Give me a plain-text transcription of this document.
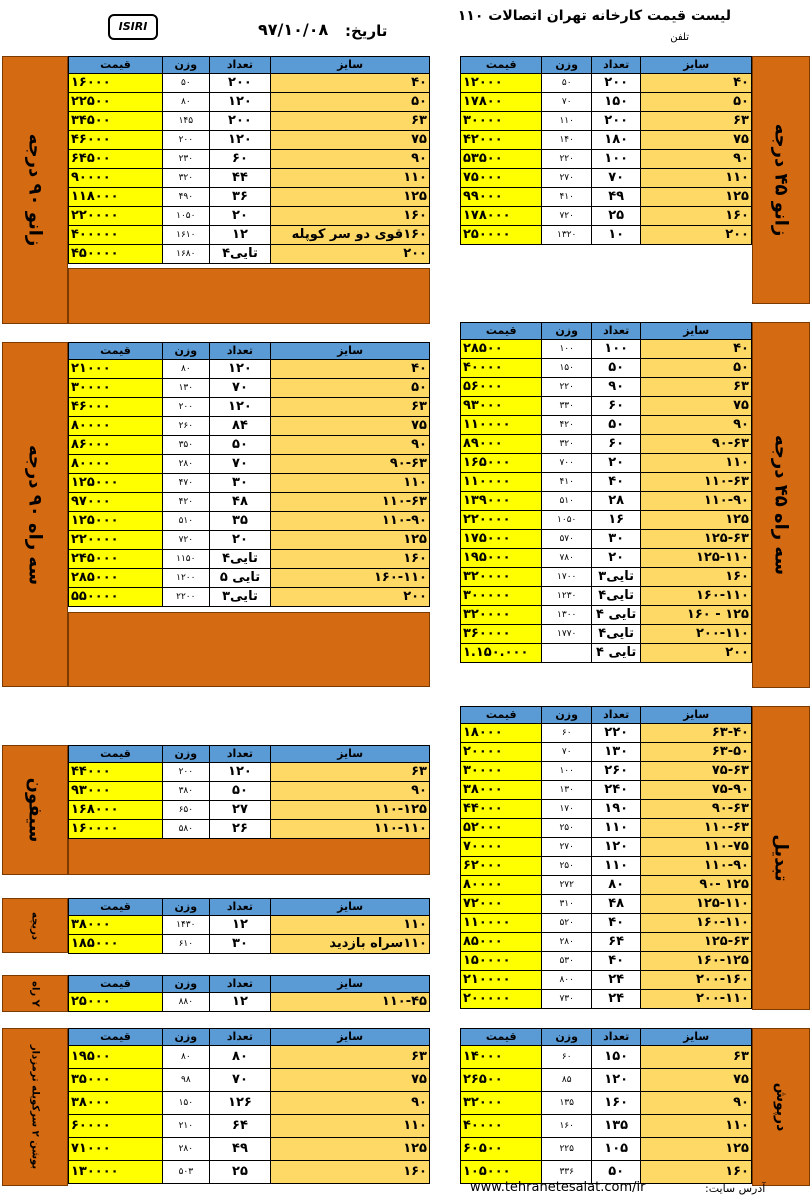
لیست قیمت کارخانه تهران اتصالات ۱۱۰
تلفن
ISIRI	تاریخ:
۹۷/۱۰/۰۸
زانو ۴۵ درجه
زانو ۹۰ درجه
سه راه ۹۰ درجه
سه راه ۴۵ درجه
تبدیل
سیفون
دریچه
Y راه
بوشن ۲ سرکوپله ترمزدار
درپوش
قیمت	وزن	تعداد	سایز
۱۲۰۰۰	۵۰	۲۰۰	۴۰
۱۷۸۰۰	۷۰	۱۵۰	۵۰
۳۰۰۰۰	۱۱۰	۲۰۰	۶۳
۴۲۰۰۰	۱۴۰	۱۸۰	۷۵
۵۳۵۰۰	۲۲۰	۱۰۰	۹۰
۷۵۰۰۰	۲۷۰	۷۰	۱۱۰
۹۹۰۰۰	۴۱۰	۴۹	۱۲۵
۱۷۸۰۰۰	۷۲۰	۲۵	۱۶۰
۲۵۰۰۰۰	۱۳۲۰	۱۰	۲۰۰
قیمت	وزن	تعداد	سایز
۱۶۰۰۰	۵۰	۲۰۰	۴۰
۲۲۵۰۰	۸۰	۱۲۰	۵۰
۳۴۵۰۰	۱۴۵	۲۰۰	۶۳
۴۶۰۰۰	۲۰۰	۱۲۰	۷۵
۶۴۵۰۰	۲۳۰	۶۰	۹۰
۹۰۰۰۰	۳۲۰	۴۴	۱۱۰
۱۱۸۰۰۰	۴۹۰	۳۶	۱۲۵
۲۲۰۰۰۰	۱۰۵۰	۲۰	۱۶۰
۴۰۰۰۰۰	۱۶۱۰	۱۲	۱۶۰قوی دو سر کوپله
۴۵۰۰۰۰	۱۶۸۰	۴تایی	۲۰۰
قیمت	وزن	تعداد	سایز
۲۱۰۰۰	۸۰	۱۲۰	۴۰
۳۰۰۰۰	۱۳۰	۷۰	۵۰
۴۶۰۰۰	۲۰۰	۱۲۰	۶۳
۸۰۰۰۰	۲۶۰	۸۴	۷۵
۸۶۰۰۰	۳۵۰	۵۰	۹۰
۸۰۰۰۰	۲۸۰	۷۰	۹۰-۶۳
۱۲۵۰۰۰	۴۷۰	۳۰	۱۱۰
۹۷۰۰۰	۴۲۰	۴۸	۱۱۰-۶۳
۱۲۵۰۰۰	۵۱۰	۳۵	۱۱۰-۹۰
۲۲۰۰۰۰	۷۲۰	۲۰	۱۲۵
۲۴۵۰۰۰	۱۱۵۰	۴تایی	۱۶۰
۲۸۵۰۰۰	۱۲۰۰	۵ تایی	۱۶۰-۱۱۰
۵۵۰۰۰۰	۲۲۰۰	۳تایی	۲۰۰
قیمت	وزن	تعداد	سایز
۲۸۵۰۰	۱۰۰	۱۰۰	۴۰
۴۰۰۰۰	۱۵۰	۵۰	۵۰
۵۶۰۰۰	۲۲۰	۹۰	۶۳
۹۳۰۰۰	۳۳۰	۶۰	۷۵
۱۱۰۰۰۰	۴۲۰	۵۰	۹۰
۸۹۰۰۰	۳۲۰	۶۰	۹۰-۶۳
۱۶۵۰۰۰	۷۰۰	۲۰	۱۱۰
۱۱۰۰۰۰	۴۱۰	۴۰	۱۱۰-۶۳
۱۳۹۰۰۰	۵۱۰	۲۸	۱۱۰-۹۰
۲۲۰۰۰۰	۱۰۵۰	۱۶	۱۲۵
۱۷۵۰۰۰	۵۷۰	۳۰	۱۲۵-۶۳
۱۹۵۰۰۰	۷۸۰	۲۰	۱۲۵-۱۱۰
۳۲۰۰۰۰	۱۷۰۰	۳تایی	۱۶۰
۳۰۰۰۰۰	۱۲۳۰	۴تایی	۱۶۰-۱۱۰
۳۲۰۰۰۰	۱۳۰۰	۴ تایی	۱۲۵ - ۱۶۰
۳۶۰۰۰۰	۱۷۷۰	۴تایی	۲۰۰-۱۱۰
۱.۱۵۰.۰۰۰		۴ تایی	۲۰۰
قیمت	وزن	تعداد	سایز
۴۴۰۰۰	۲۰۰	۱۲۰	۶۳
۹۳۰۰۰	۳۸۰	۵۰	۹۰
۱۶۸۰۰۰	۶۵۰	۲۷	۱۱۰-۱۲۵
۱۶۰۰۰۰	۵۸۰	۲۶	۱۱۰-۱۱۰
قیمت	وزن	تعداد	سایز
۱۸۰۰۰	۶۰	۲۲۰	۶۳-۴۰
۲۰۰۰۰	۷۰	۱۳۰	۶۳-۵۰
۳۰۰۰۰	۱۰۰	۲۶۰	۷۵-۶۳
۳۸۰۰۰	۱۳۰	۲۴۰	۷۵-۹۰
۴۴۰۰۰	۱۷۰	۱۹۰	۹۰-۶۳
۵۲۰۰۰	۲۵۰	۱۱۰	۱۱۰-۶۳
۷۰۰۰۰	۲۷۰	۱۲۰	۱۱۰-۷۵
۶۲۰۰۰	۲۵۰	۱۱۰	۱۱۰-۹۰
۸۰۰۰۰	۲۷۲	۸۰	۱۲۵ -۹۰
۷۲۰۰۰	۳۱۰	۴۸	۱۲۵-۱۱۰
۱۱۰۰۰۰	۵۲۰	۴۰	۱۶۰-۱۱۰
۸۵۰۰۰	۲۸۰	۶۴	۱۲۵-۶۳
۱۵۰۰۰۰	۵۳۰	۴۰	۱۶۰-۱۲۵
۲۱۰۰۰۰	۸۰۰	۲۴	۲۰۰-۱۶۰
۲۰۰۰۰۰	۷۳۰	۲۴	۲۰۰-۱۱۰
قیمت	وزن	تعداد	سایز
۳۸۰۰۰	۱۴۳۰	۱۲	۱۱۰
۱۸۵۰۰۰	۶۱۰	۳۰	۱۱۰سراه بازدید
قیمت	وزن	تعداد	سایز
۲۵۰۰۰	۸۸۰	۱۲	۱۱۰-۴۵
قیمت	وزن	تعداد	سایز
۱۹۵۰۰	۸۰	۸۰	۶۳
۳۵۰۰۰	۹۸	۷۰	۷۵
۳۸۰۰۰	۱۵۰	۱۲۶	۹۰
۶۰۰۰۰	۲۱۰	۶۴	۱۱۰
۷۱۰۰۰	۲۸۰	۴۹	۱۲۵
۱۳۰۰۰۰	۵۰۳	۲۵	۱۶۰
قیمت	وزن	تعداد	سایز
۱۴۰۰۰	۶۰	۱۵۰	۶۳
۲۶۵۰۰	۸۵	۱۲۰	۷۵
۳۲۰۰۰	۱۳۵	۱۶۰	۹۰
۴۰۰۰۰	۱۶۰	۱۳۵	۱۱۰
۶۰۵۰۰	۲۲۵	۱۰۵	۱۲۵
۱۰۵۰۰۰	۳۳۶	۵۰	۱۶۰
آدرس سایت:
www.tehranetesalat.com/ir
